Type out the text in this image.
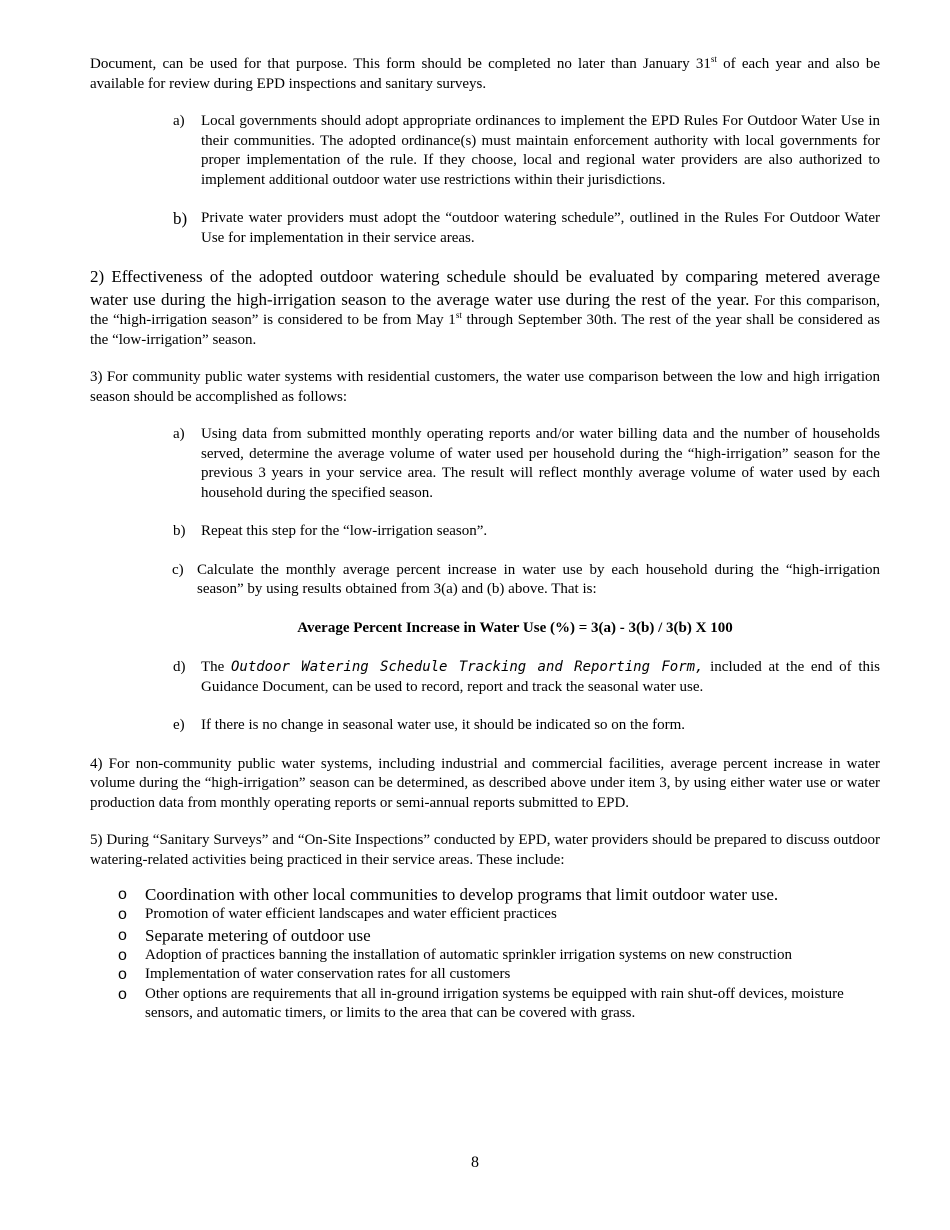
Document, can be used for that purpose. This form should be completed no later than January 31st of each year and also be available for review during EPD inspections and sanitary surveys.

a) Local governments should adopt appropriate ordinances to implement the EPD Rules For Outdoor Water Use in their communities. The adopted ordinance(s) must maintain enforcement authority with local governments for proper implementation of the rule. If they choose, local and regional water providers are also authorized to implement additional outdoor water use restrictions within their jurisdictions.
b) Private water providers must adopt the “outdoor watering schedule”, outlined in the Rules For Outdoor Water Use for implementation in their service areas.

2) Effectiveness of the adopted outdoor watering schedule should be evaluated by comparing metered average water use during the high-irrigation season to the average water use during the rest of the year. For this comparison, the “high-irrigation season” is considered to be from May 1st through September 30th. The rest of the year shall be considered as the “low-irrigation” season.

3) For community public water systems with residential customers, the water use comparison between the low and high irrigation season should be accomplished as follows:

a) Using data from submitted monthly operating reports and/or water billing data and the number of households served, determine the average volume of water used per household during the “high-irrigation” season for the previous 3 years in your service area. The result will reflect monthly average volume of water used by each household during the specified season.
b) Repeat this step for the “low-irrigation season”.
c) Calculate the monthly average percent increase in water use by each household during the “high-irrigation season” by using results obtained from 3(a) and (b) above. That is:

Average Percent Increase in Water Use (%) = 3(a) - 3(b) / 3(b) X 100

d) The Outdoor Watering Schedule Tracking and Reporting Form, included at the end of this Guidance Document, can be used to record, report and track the seasonal water use.
e) If there is no change in seasonal water use, it should be indicated so on the form.

4) For non-community public water systems, including industrial and commercial facilities, average percent increase in water volume during the “high-irrigation” season can be determined, as described above under item 3, by using either water use or water production data from monthly operating reports or semi-annual reports submitted to EPD.

5) During “Sanitary Surveys” and “On-Site Inspections” conducted by EPD, water providers should be prepared to discuss outdoor watering-related activities being practiced in their service areas. These include:

o Coordination with other local communities to develop programs that limit outdoor water use.
o Promotion of water efficient landscapes and water efficient practices
o Separate metering of outdoor use
o Adoption of practices banning the installation of automatic sprinkler irrigation systems on new construction
o Implementation of water conservation rates for all customers
o Other options are requirements that all in-ground irrigation systems be equipped with rain shut-off devices, moisture sensors, and automatic timers, or limits to the area that can be covered with grass.
8
